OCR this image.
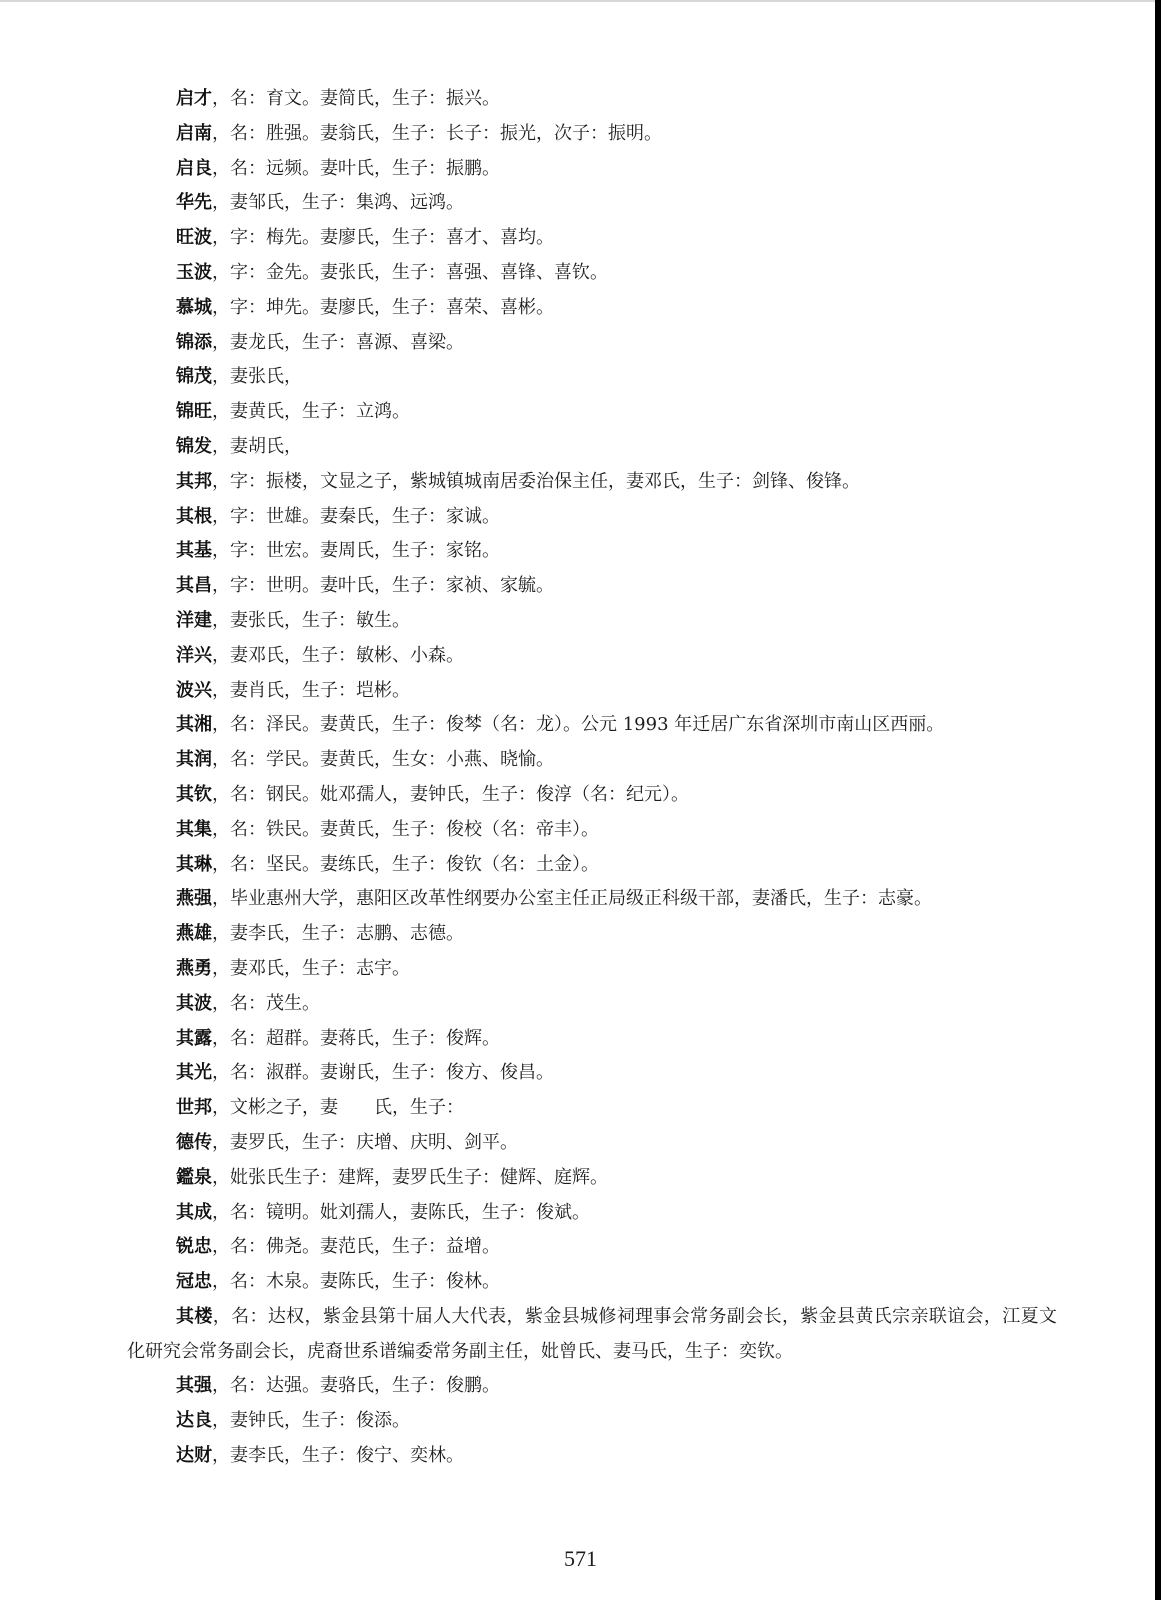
启才，名：育文。妻简氏，生子：振兴。

启南，名：胜强。妻翁氏，生子：长子：振光，次子：振明。

启良，名：远频。妻叶氏，生子：振鹏。

华先，妻邹氏，生子：集鸿、远鸿。

旺波，字：梅先。妻廖氏，生子：喜才、喜均。

玉波，字：金先。妻张氏，生子：喜强、喜锋、喜钦。

慕城，字：坤先。妻廖氏，生子：喜荣、喜彬。

锦添，妻龙氏，生子：喜源、喜梁。

锦茂，妻张氏，

锦旺，妻黄氏，生子：立鸿。

锦发，妻胡氏，

其邦，字：振楼，文显之子，紫城镇城南居委治保主任，妻邓氏，生子：剑锋、俊锋。

其根，字：世雄。妻秦氏，生子：家诚。

其基，字：世宏。妻周氏，生子：家铭。

其昌，字：世明。妻叶氏，生子：家祯、家毓。

洋建，妻张氏，生子：敏生。

洋兴，妻邓氏，生子：敏彬、小森。

波兴，妻肖氏，生子：垲彬。

其湘，名：泽民。妻黄氏，生子：俊棽（名：龙）。公元 1993 年迁居广东省深圳市南山区西丽。

其润，名：学民。妻黄氏，生女：小燕、晓愉。

其钦，名：钢民。妣邓孺人，妻钟氏，生子：俊淳（名：纪元）。

其集，名：铁民。妻黄氏，生子：俊校（名：帝丰）。

其琳，名：坚民。妻练氏，生子：俊钦（名：土金）。

燕强，毕业惠州大学，惠阳区改革性纲要办公室主任正局级正科级干部，妻潘氏，生子：志豪。

燕雄，妻李氏，生子：志鹏、志德。

燕勇，妻邓氏，生子：志宇。

其波，名：茂生。

其露，名：超群。妻蒋氏，生子：俊辉。

其光，名：淑群。妻谢氏，生子：俊方、俊昌。

世邦，文彬之子，妻　　氏，生子：

德传，妻罗氏，生子：庆增、庆明、剑平。

鑑泉，妣张氏生子：建辉，妻罗氏生子：健辉、庭辉。

其成，名：镜明。妣刘孺人，妻陈氏，生子：俊斌。

锐忠，名：佛尧。妻范氏，生子：益增。

冠忠，名：木泉。妻陈氏，生子：俊林。

其楼，名：达权，紫金县第十届人大代表，紫金县城修祠理事会常务副会长，紫金县黄氏宗亲联谊会，江夏文化研究会常务副会长，虎裔世系谱编委常务副主任，妣曾氏、妻马氏，生子：奕钦。

其强，名：达强。妻骆氏，生子：俊鹏。

达良，妻钟氏，生子：俊添。

达财，妻李氏，生子：俊宁、奕林。

571
